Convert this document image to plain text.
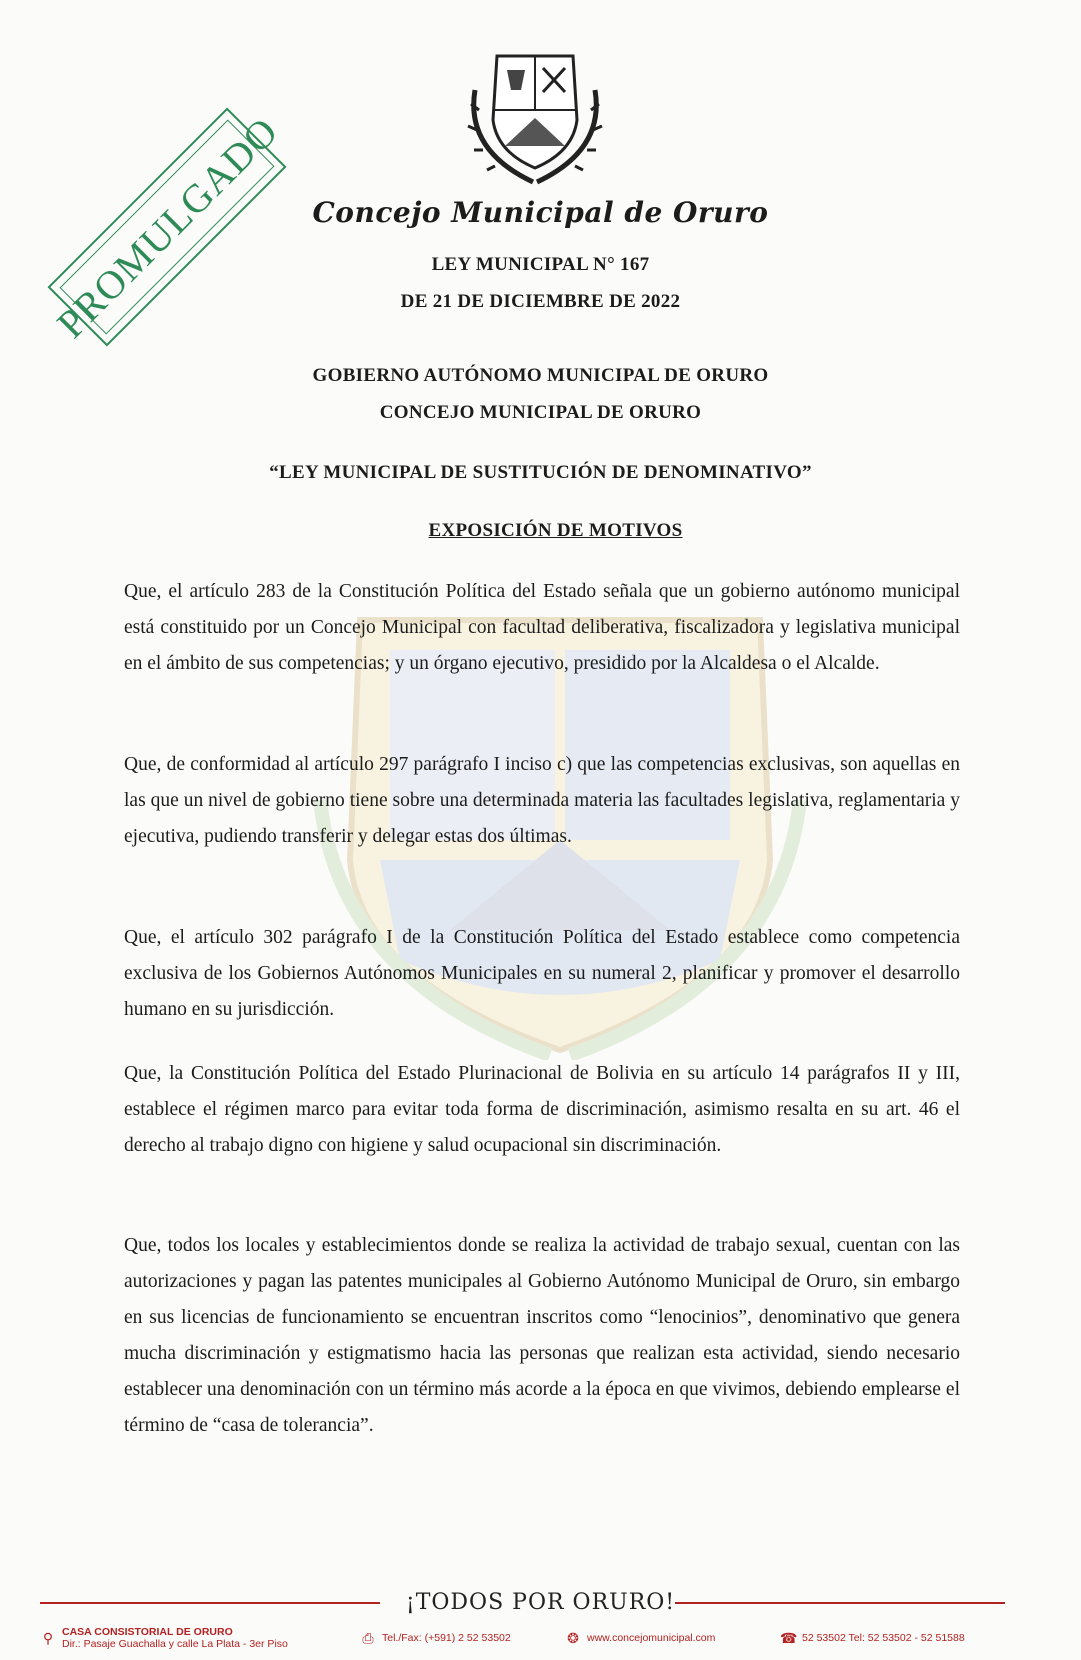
PROMULGADO Concejo Municipal de Oruro
LEY MUNICIPAL N° 167
DE 21 DE DICIEMBRE DE 2022
GOBIERNO AUTÓNOMO MUNICIPAL DE ORURO
CONCEJO MUNICIPAL DE ORURO
“LEY MUNICIPAL DE SUSTITUCIÓN DE DENOMINATIVO”
EXPOSICIÓN DE MOTIVOS

Que, el artículo 283 de la Constitución Política del Estado señala que un gobierno autónomo municipal está constituido por un Concejo Municipal con facultad deliberativa, fiscalizadora y legislativa municipal en el ámbito de sus competencias; y un órgano ejecutivo, presidido por la Alcaldesa o el Alcalde.

Que, de conformidad al artículo 297 parágrafo I inciso c) que las competencias exclusivas, son aquellas en las que un nivel de gobierno tiene sobre una determinada materia las facultades legislativa, reglamentaria y ejecutiva, pudiendo transferir y delegar estas dos últimas.

Que, el artículo 302 parágrafo I de la Constitución Política del Estado establece como competencia exclusiva de los Gobiernos Autónomos Municipales en su numeral 2, planificar y promover el desarrollo humano en su jurisdicción.

Que, la Constitución Política del Estado Plurinacional de Bolivia en su artículo 14 parágrafos II y III, establece el régimen marco para evitar toda forma de discriminación, asimismo resalta en su art. 46 el derecho al trabajo digno con higiene y salud ocupacional sin discriminación.

Que, todos los locales y establecimientos donde se realiza la actividad de trabajo sexual, cuentan con las autorizaciones y pagan las patentes municipales al Gobierno Autónomo Municipal de Oruro, sin embargo en sus licencias de funcionamiento se encuentran inscritos como “lenocinios”, denominativo que genera mucha discriminación y estigmatismo hacia las personas que realizan esta actividad, siendo necesario establecer una denominación con un término más acorde a la época en que vivimos, debiendo emplearse el término de “casa de tolerancia”.

¡TODOS POR ORURO!
⚲ CASA CONSISTORIAL DE ORURO
Dir.: Pasaje Guachalla y calle La Plata - 3er Piso	⎙ Tel./Fax: (+591) 2 52 53502	❂ www.concejomunicipal.com	☎ 52 53502 Tel: 52 53502 - 52 51588
